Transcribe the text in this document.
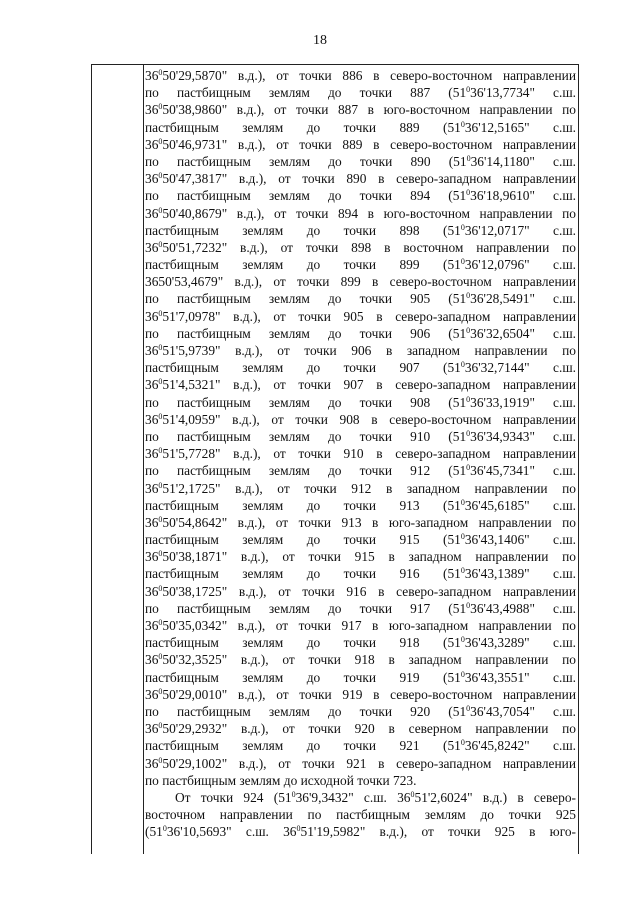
18
$36^050'29,5870$" в.д.), от точки 886 в северо-восточном направлении
по пастбищным землям до точки 887 ($51^036'13,7734$" с.ш.
$36^050'38,9860$" в.д.), от точки 887 в юго-восточном направлении по
пастбищным землям до точки 889 ($51^036'12,5165$" с.ш.
$36^050'46,9731$" в.д.), от точки 889 в северо-восточном направлении
по пастбищным землям до точки 890 ($51^036'14,1180$" с.ш.
$36^050'47,3817$" в.д.), от точки 890 в северо-западном направлении
по пастбищным землям до точки 894 ($51^036'18,9610$" с.ш.
$36^050'40,8679$" в.д.), от точки 894 в юго-восточном направлении по
пастбищным землям до точки 898 ($51^036'12,0717$" с.ш.
$36^050'51,7232$" в.д.), от точки 898 в восточном направлении по
пастбищным землям до точки 899 ($51^036'12,0796$" с.ш.
3650'53,4679" в.д.), от точки 899 в северо-восточном направлении
по пастбищным землям до точки 905 ($51^036'28,5491$" с.ш.
$36^051'7,0978$" в.д.), от точки 905 в северо-западном направлении
по пастбищным землям до точки 906 ($51^036'32,6504$" с.ш.
$36^051'5,9739$" в.д.), от точки 906 в западном направлении по
пастбищным землям до точки 907 ($51^036'32,7144$" с.ш.
$36^051'4,5321$" в.д.), от точки 907 в северо-западном направлении
по пастбищным землям до точки 908 ($51^036'33,1919$" с.ш.
$36^051'4,0959$" в.д.), от точки 908 в северо-восточном направлении
по пастбищным землям до точки 910 ($51^036'34,9343$" с.ш.
$36^051'5,7728$" в.д.), от точки 910 в северо-западном направлении
по пастбищным землям до точки 912 ($51^036'45,7341$" с.ш.
$36^051'2,1725$" в.д.), от точки 912 в западном направлении по
пастбищным землям до точки 913 ($51^036'45,6185$" с.ш.
$36^050'54,8642$" в.д.), от точки 913 в юго-западном направлении по
пастбищным землям до точки 915 ($51^036'43,1406$" с.ш.
$36^050'38,1871$" в.д.), от точки 915 в западном направлении по
пастбищным землям до точки 916 ($51^036'43,1389$" с.ш.
$36^050'38,1725$" в.д.), от точки 916 в северо-западном направлении
по пастбищным землям до точки 917 ($51^036'43,4988$" с.ш.
$36^050'35,0342$" в.д.), от точки 917 в юго-западном направлении по
пастбищным землям до точки 918 ($51^036'43,3289$" с.ш.
$36^050'32,3525$" в.д.), от точки 918 в западном направлении по
пастбищным землям до точки 919 ($51^036'43,3551$" с.ш.
$36^050'29,0010$" в.д.), от точки 919 в северо-восточном направлении
по пастбищным землям до точки 920 ($51^036'43,7054$" с.ш.
$36^050'29,2932$" в.д.), от точки 920 в северном направлении по
пастбищным землям до точки 921 ($51^036'45,8242$" с.ш.
$36^050'29,1002$" в.д.), от точки 921 в северо-западном направлении
по пастбищным землям до исходной точки 723.
От точки 924 ($51^036'9,3432$" с.ш. $36^051'2,6024$" в.д.) в северо-
восточном направлении по пастбищным землям до точки 925
($51^036'10,5693$" с.ш. $36^051'19,5982$" в.д.), от точки 925 в юго-
